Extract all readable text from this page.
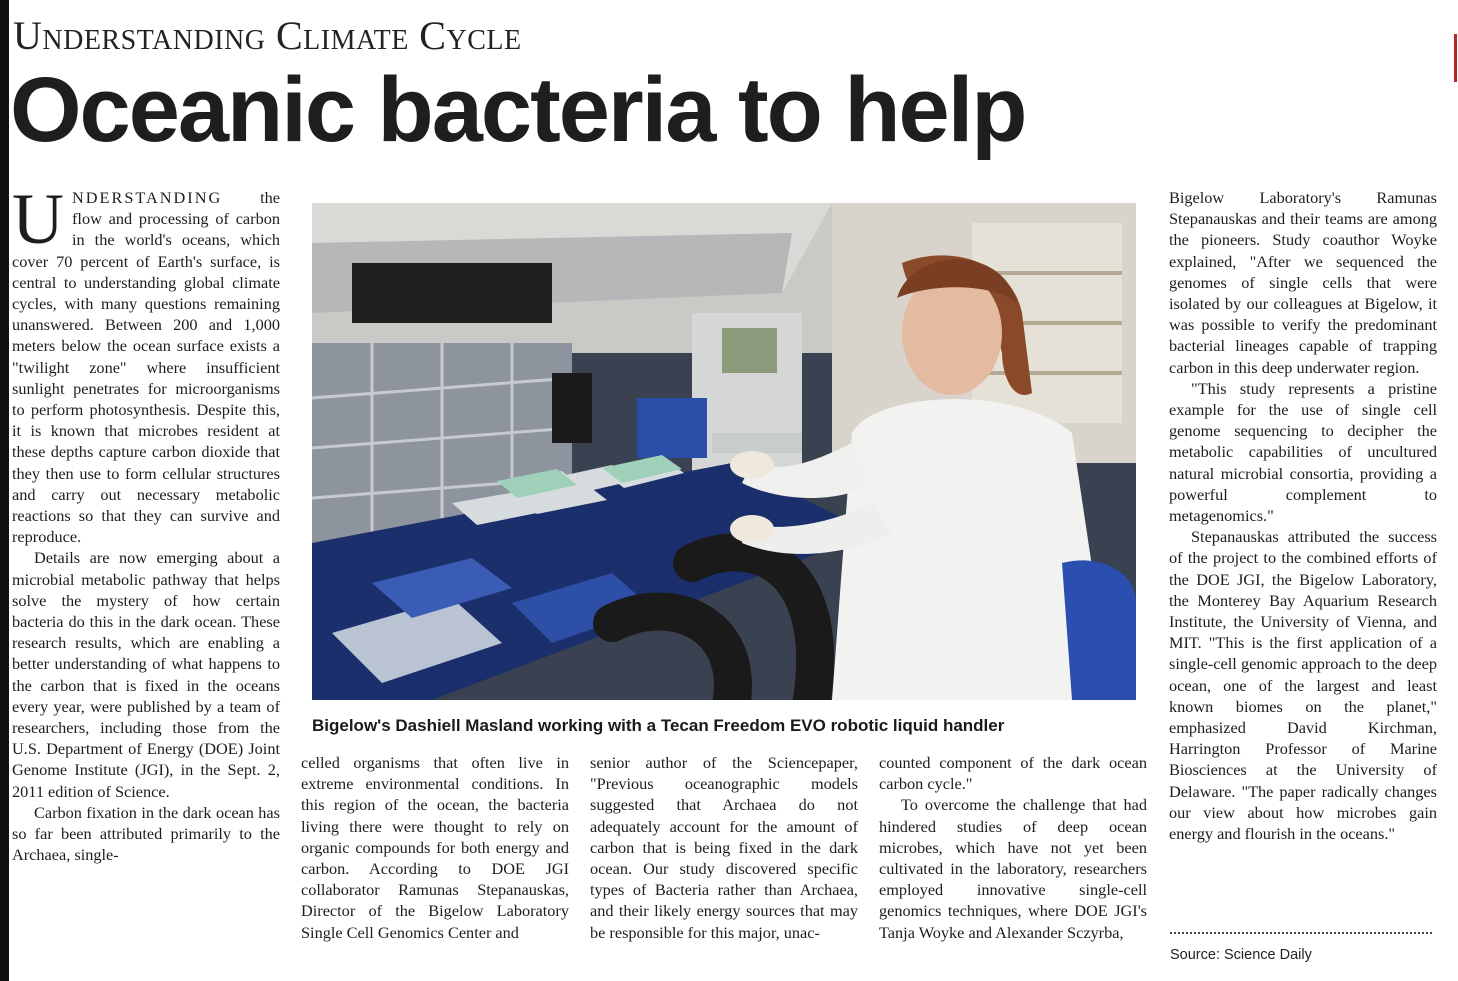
Understanding Climate Cycle
Oceanic bacteria to help

UNDERSTANDING the flow and processing of carbon in the world's oceans, which cover 70 percent of Earth's surface, is central to understanding global climate cycles, with many questions remaining unanswered. Between 200 and 1,000 meters below the ocean surface exists a "twilight zone" where insufficient sunlight penetrates for microorganisms to perform photosynthesis. Despite this, it is known that microbes resident at these depths capture carbon dioxide that they then use to form cellular structures and carry out necessary metabolic reactions so that they can survive and reproduce.

Details are now emerging about a microbial metabolic pathway that helps solve the mystery of how certain bacteria do this in the dark ocean. These research results, which are enabling a better understanding of what happens to the carbon that is fixed in the oceans every year, were published by a team of researchers, including those from the U.S. Department of Energy (DOE) Joint Genome Institute (JGI), in the Sept. 2, 2011 edition of Science.

Carbon fixation in the dark ocean has so far been attributed primarily to the Archaea, single-

Bigelow's Dashiell Masland working with a Tecan Freedom EVO robotic liquid handler

celled organisms that often live in extreme environmental conditions. In this region of the ocean, the bacteria living there were thought to rely on organic compounds for both energy and carbon. According to DOE JGI collaborator Ramunas Stepanauskas, Director of the Bigelow Laboratory Single Cell Genomics Center and

senior author of the Sciencepaper, "Previous oceanographic models suggested that Archaea do not adequately account for the amount of carbon that is being fixed in the dark ocean. Our study discovered specific types of Bacteria rather than Archaea, and their likely energy sources that may be responsible for this major, unac-

counted component of the dark ocean carbon cycle."

To overcome the challenge that had hindered studies of deep ocean microbes, which have not yet been cultivated in the laboratory, researchers employed innovative single-cell genomics techniques, where DOE JGI's Tanja Woyke and Alexander Sczyrba,

Bigelow Laboratory's Ramunas Stepanauskas and their teams are among the pioneers. Study coauthor Woyke explained, "After we sequenced the genomes of single cells that were isolated by our colleagues at Bigelow, it was possible to verify the predominant bacterial lineages capable of trapping carbon in this deep underwater region.

"This study represents a pristine example for the use of single cell genome sequencing to decipher the metabolic capabilities of uncultured natural microbial consortia, providing a powerful complement to metagenomics."

Stepanauskas attributed the success of the project to the combined efforts of the DOE JGI, the Bigelow Laboratory, the Monterey Bay Aquarium Research Institute, the University of Vienna, and MIT. "This is the first application of a single-cell genomic approach to the deep ocean, one of the largest and least known biomes on the planet," emphasized David Kirchman, Harrington Professor of Marine Biosciences at the University of Delaware. "The paper radically changes our view about how microbes gain energy and flourish in the oceans."

Source: Science Daily
